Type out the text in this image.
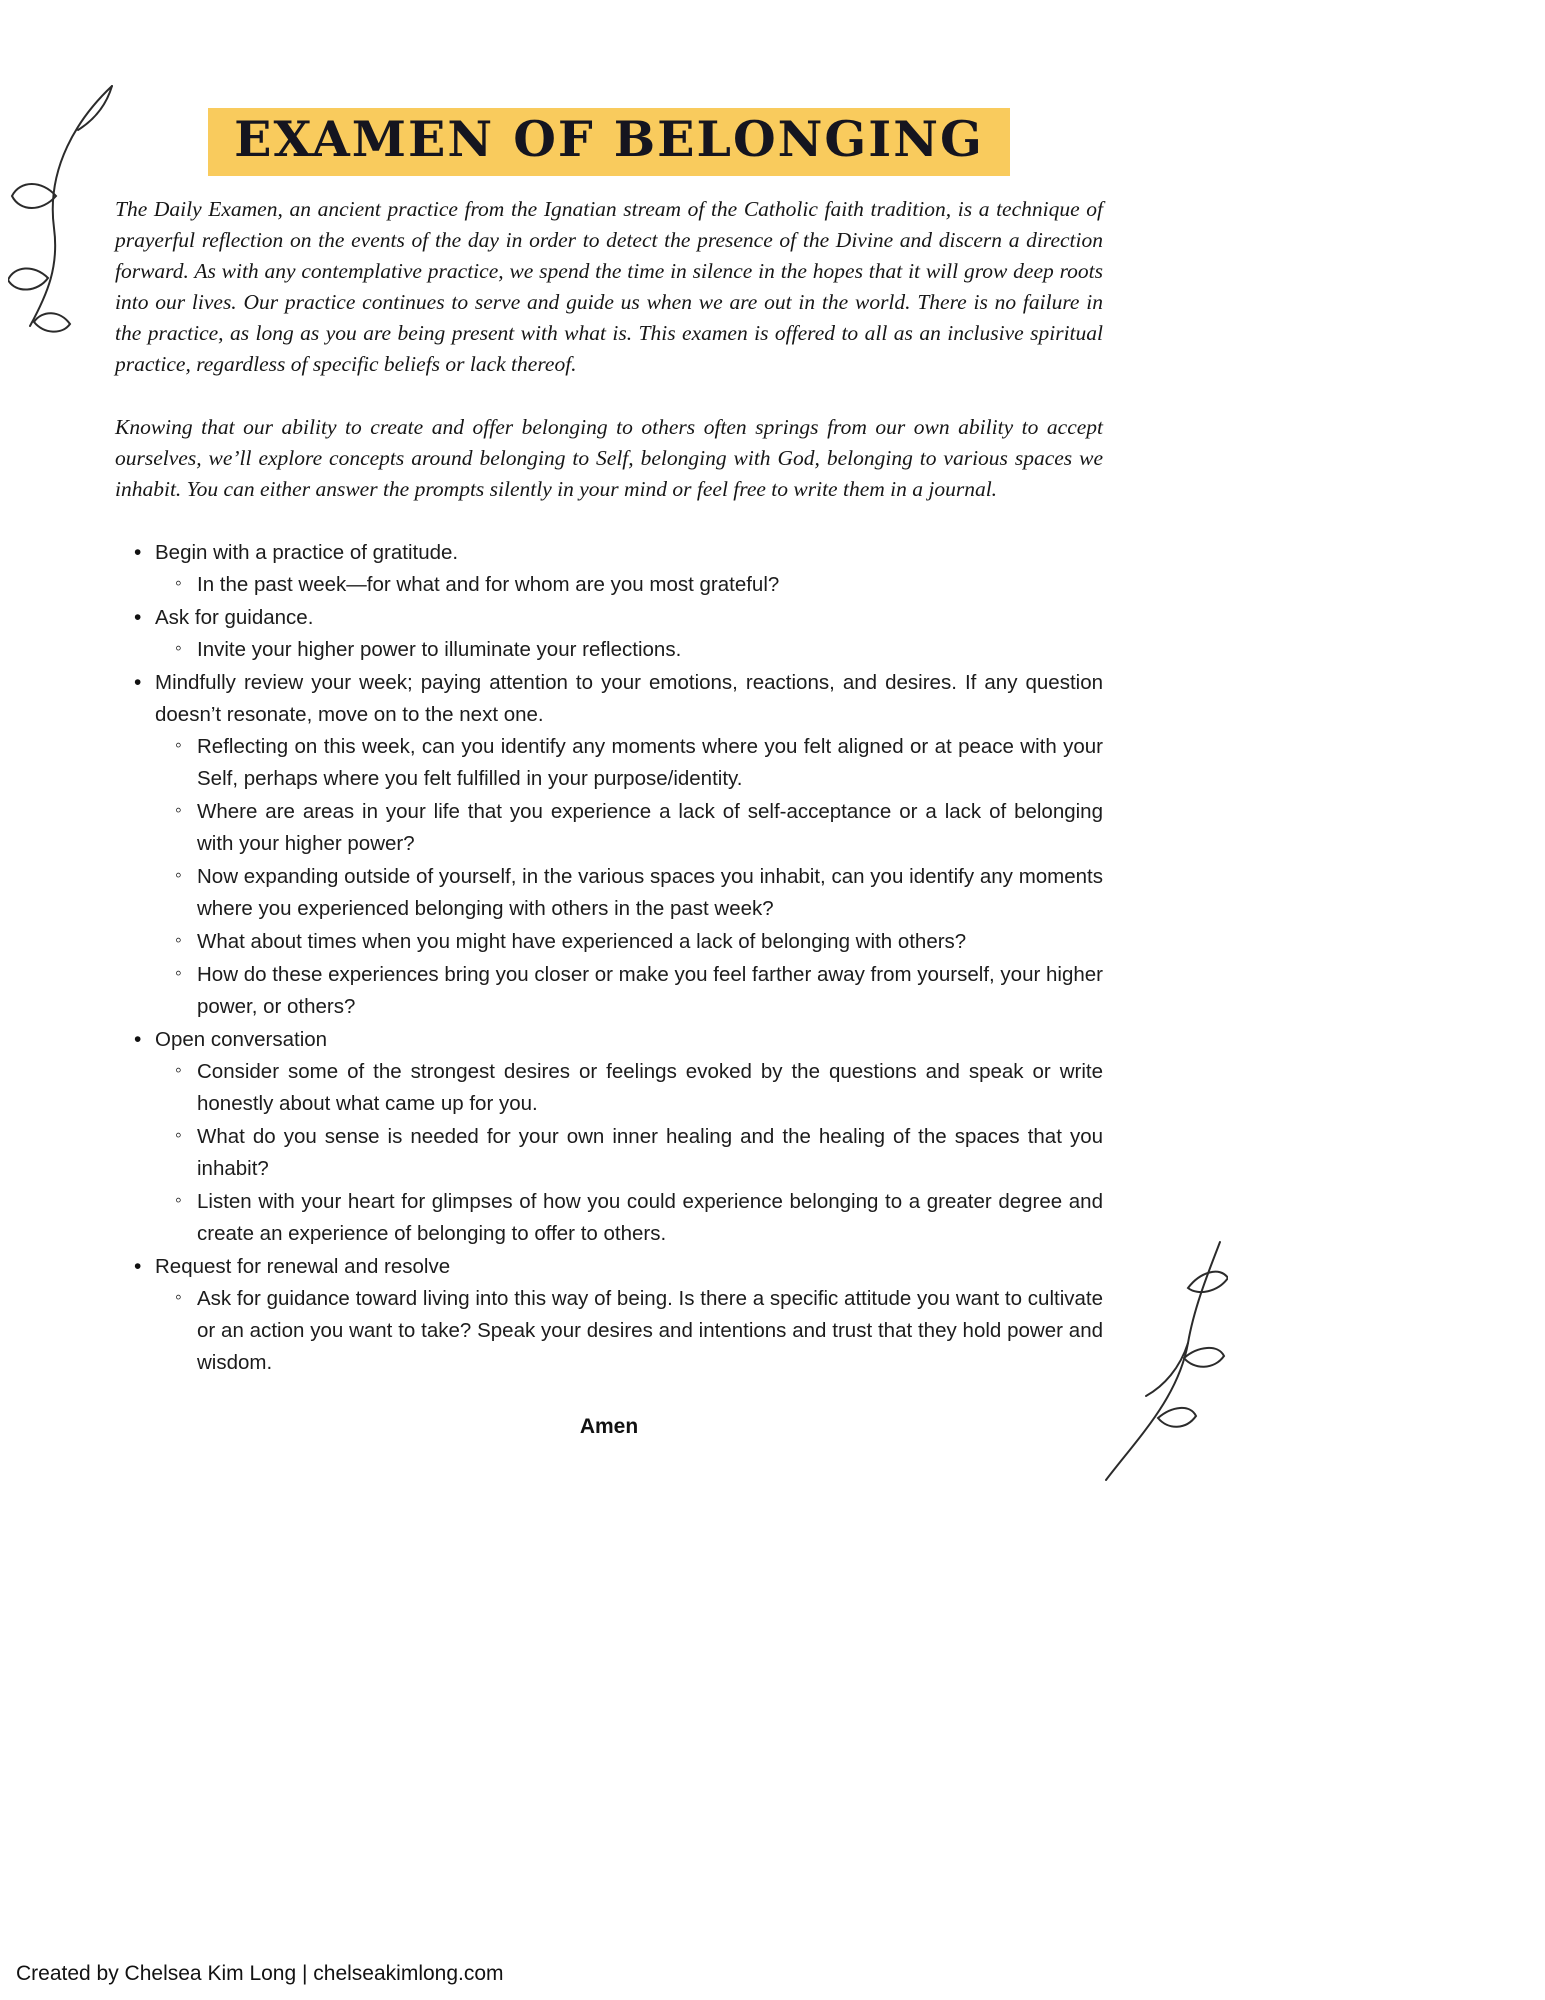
EXAMEN OF BELONGING

The Daily Examen, an ancient practice from the Ignatian stream of the Catholic faith tradition, is a technique of prayerful reflection on the events of the day in order to detect the presence of the Divine and discern a direction forward. As with any contemplative practice, we spend the time in silence in the hopes that it will grow deep roots into our lives. Our practice continues to serve and guide us when we are out in the world. There is no failure in the practice, as long as you are being present with what is. This examen is offered to all as an inclusive spiritual practice, regardless of specific beliefs or lack thereof.

Knowing that our ability to create and offer belonging to others often springs from our own ability to accept ourselves, we’ll explore concepts around belonging to Self, belonging with God, belonging to various spaces we inhabit. You can either answer the prompts silently in your mind or feel free to write them in a journal.

• Begin with a practice of gratitude.
◦ In the past week—for what and for whom are you most grateful?
• Ask for guidance.
◦ Invite your higher power to illuminate your reflections.
• Mindfully review your week; paying attention to your emotions, reactions, and desires. If any question doesn’t resonate, move on to the next one.
◦ Reflecting on this week, can you identify any moments where you felt aligned or at peace with your Self, perhaps where you felt fulfilled in your purpose/identity.
◦ Where are areas in your life that you experience a lack of self-acceptance or a lack of belonging with your higher power?
◦ Now expanding outside of yourself, in the various spaces you inhabit, can you identify any moments where you experienced belonging with others in the past week?
◦ What about times when you might have experienced a lack of belonging with others?
◦ How do these experiences bring you closer or make you feel farther away from yourself, your higher power, or others?
• Open conversation
◦ Consider some of the strongest desires or feelings evoked by the questions and speak or write honestly about what came up for you.
◦ What do you sense is needed for your own inner healing and the healing of the spaces that you inhabit?
◦ Listen with your heart for glimpses of how you could experience belonging to a greater degree and create an experience of belonging to offer to others.
• Request for renewal and resolve
◦ Ask for guidance toward living into this way of being. Is there a specific attitude you want to cultivate or an action you want to take? Speak your desires and intentions and trust that they hold power and wisdom.
Amen
Created by Chelsea Kim Long | chelseakimlong.com
